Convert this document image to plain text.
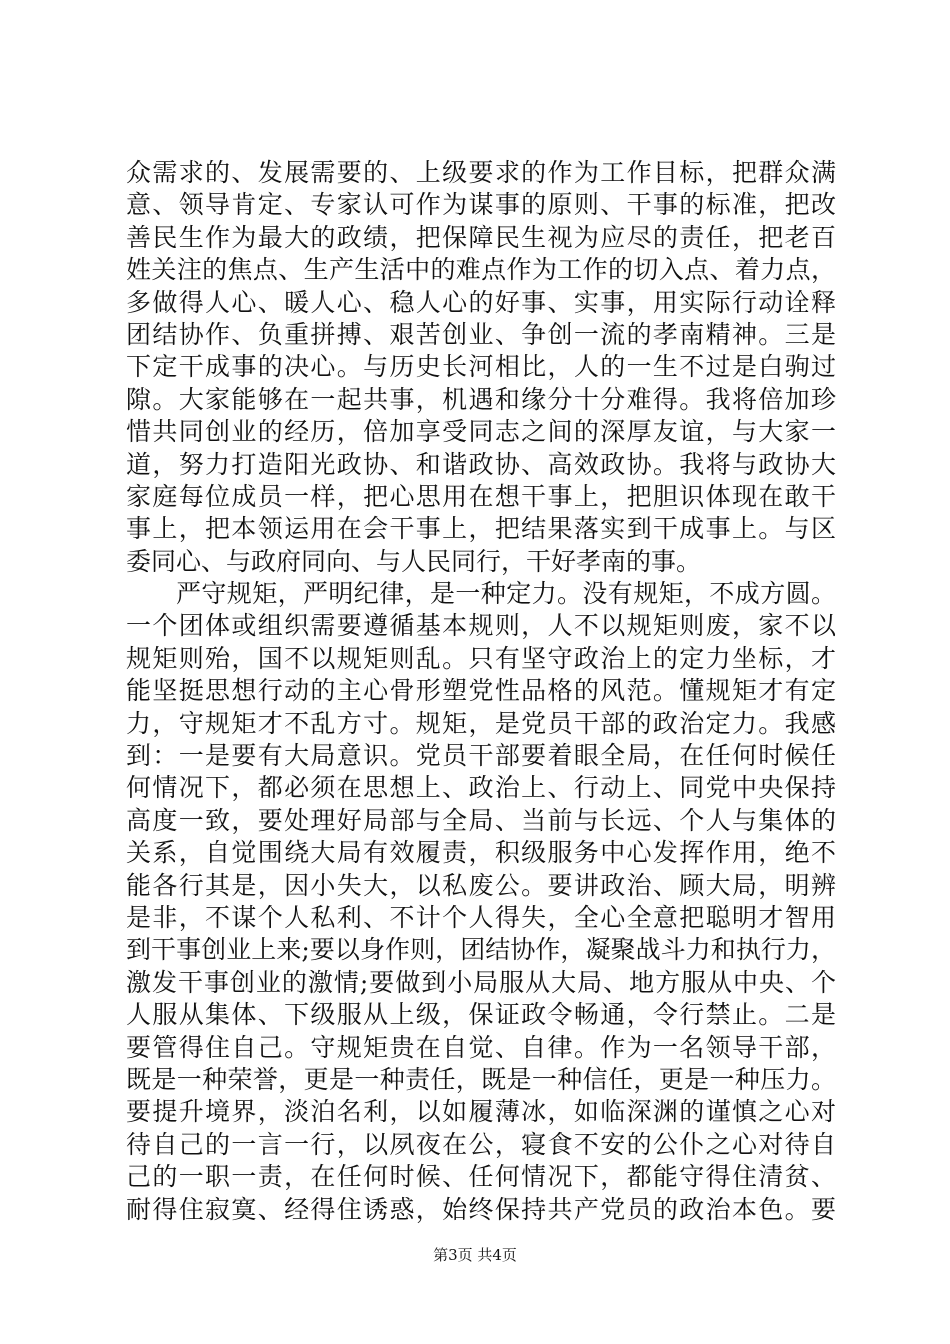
众需求的、发展需要的、上级要求的作为工作目标，把群众满
意、领导肯定、专家认可作为谋事的原则、干事的标准，把改
善民生作为最大的政绩，把保障民生视为应尽的责任，把老百
姓关注的焦点、生产生活中的难点作为工作的切入点、着力点，
多做得人心、暖人心、稳人心的好事、实事，用实际行动诠释
团结协作、负重拼搏、艰苦创业、争创一流的孝南精神。三是
下定干成事的决心。与历史长河相比，人的一生不过是白驹过
隙。大家能够在一起共事，机遇和缘分十分难得。我将倍加珍
惜共同创业的经历，倍加享受同志之间的深厚友谊，与大家一
道，努力打造阳光政协、和谐政协、高效政协。我将与政协大
家庭每位成员一样，把心思用在想干事上，把胆识体现在敢干
事上，把本领运用在会干事上，把结果落实到干成事上。与区
委同心、与政府同向、与人民同行，干好孝南的事。
严守规矩，严明纪律，是一种定力。没有规矩，不成方圆。
一个团体或组织需要遵循基本规则，人不以规矩则废，家不以
规矩则殆，国不以规矩则乱。只有坚守政治上的定力坐标，才
能坚挺思想行动的主心骨形塑党性品格的风范。懂规矩才有定
力，守规矩才不乱方寸。规矩，是党员干部的政治定力。我感
到：一是要有大局意识。党员干部要着眼全局，在任何时候任
何情况下，都必须在思想上、政治上、行动上、同党中央保持
高度一致，要处理好局部与全局、当前与长远、个人与集体的
关系，自觉围绕大局有效履责，积级服务中心发挥作用，绝不
能各行其是，因小失大，以私废公。要讲政治、顾大局，明辨
是非，不谋个人私利、不计个人得失，全心全意把聪明才智用
到干事创业上来;要以身作则，团结协作，凝聚战斗力和执行力，
激发干事创业的激情;要做到小局服从大局、地方服从中央、个
人服从集体、下级服从上级，保证政令畅通，令行禁止。二是
要管得住自己。守规矩贵在自觉、自律。作为一名领导干部，
既是一种荣誉，更是一种责任，既是一种信任，更是一种压力。
要提升境界，淡泊名利，以如履薄冰，如临深渊的谨慎之心对
待自己的一言一行，以夙夜在公，寝食不安的公仆之心对待自
己的一职一责，在任何时候、任何情况下，都能守得住清贫、
耐得住寂寞、经得住诱惑，始终保持共产党员的政治本色。要
第3页 共4页
